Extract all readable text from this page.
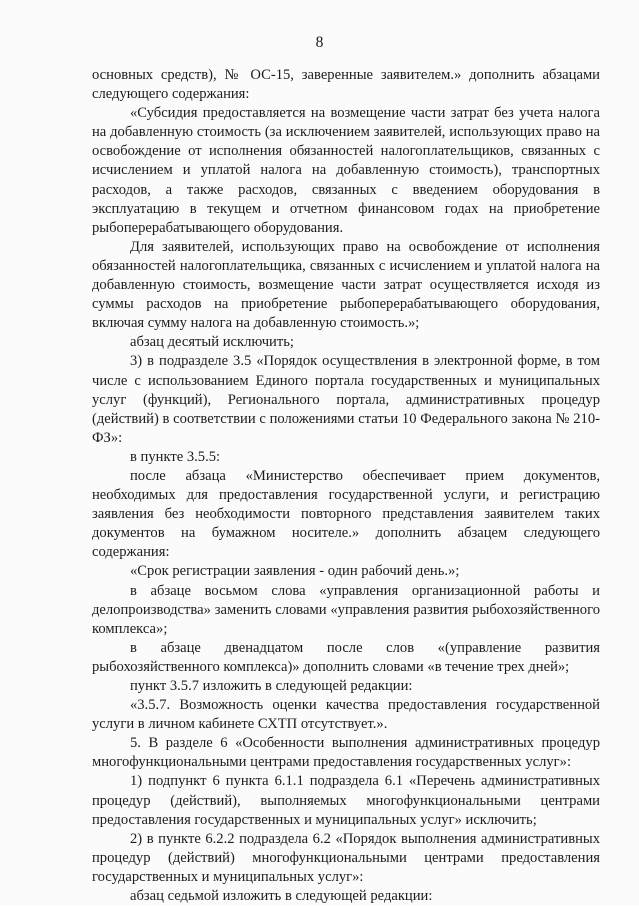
8

основных средств), № ОС-15, заверенные заявителем.» дополнить абзацами следующего содержания:

«Субсидия предоставляется на возмещение части затрат без учета налога на добавленную стоимость (за исключением заявителей, использующих право на освобождение от исполнения обязанностей налогоплательщиков, связанных с исчислением и уплатой налога на добавленную стоимость), транспортных расходов, а также расходов, связанных с введением оборудования в эксплуатацию в текущем и отчетном финансовом годах на приобретение рыбоперерабатывающего оборудования.

Для заявителей, использующих право на освобождение от исполнения обязанностей налогоплательщика, связанных с исчислением и уплатой налога на добавленную стоимость, возмещение части затрат осуществляется исходя из суммы расходов на приобретение рыбоперерабатывающего оборудования, включая сумму налога на добавленную стоимость.»;

абзац десятый исключить;

3) в подразделе 3.5 «Порядок осуществления в электронной форме, в том числе с использованием Единого портала государственных и муниципальных услуг (функций), Регионального портала, административных процедур (действий) в соответствии с положениями статьи 10 Федерального закона № 210-ФЗ»:

в пункте 3.5.5:

после абзаца «Министерство обеспечивает прием документов, необходимых для предоставления государственной услуги, и регистрацию заявления без необходимости повторного представления заявителем таких документов на бумажном носителе.» дополнить абзацем следующего содержания:

«Срок регистрации заявления - один рабочий день.»;

в абзаце восьмом слова «управления организационной работы и делопроизводства» заменить словами «управления развития рыбохозяйственного комплекса»;

в абзаце двенадцатом после слов «(управление развития рыбохозяйственного комплекса)» дополнить словами «в течение трех дней»;

пункт 3.5.7 изложить в следующей редакции:

«3.5.7. Возможность оценки качества предоставления государственной услуги в личном кабинете СХТП отсутствует.».

5. В разделе 6 «Особенности выполнения административных процедур многофункциональными центрами предоставления государственных услуг»:

1) подпункт 6 пункта 6.1.1 подраздела 6.1 «Перечень административных процедур (действий), выполняемых многофункциональными центрами предоставления государственных и муниципальных услуг» исключить;

2) в пункте 6.2.2 подраздела 6.2 «Порядок выполнения административных процедур (действий) многофункциональными центрами предоставления государственных и муниципальных услуг»:

абзац седьмой изложить в следующей редакции:
